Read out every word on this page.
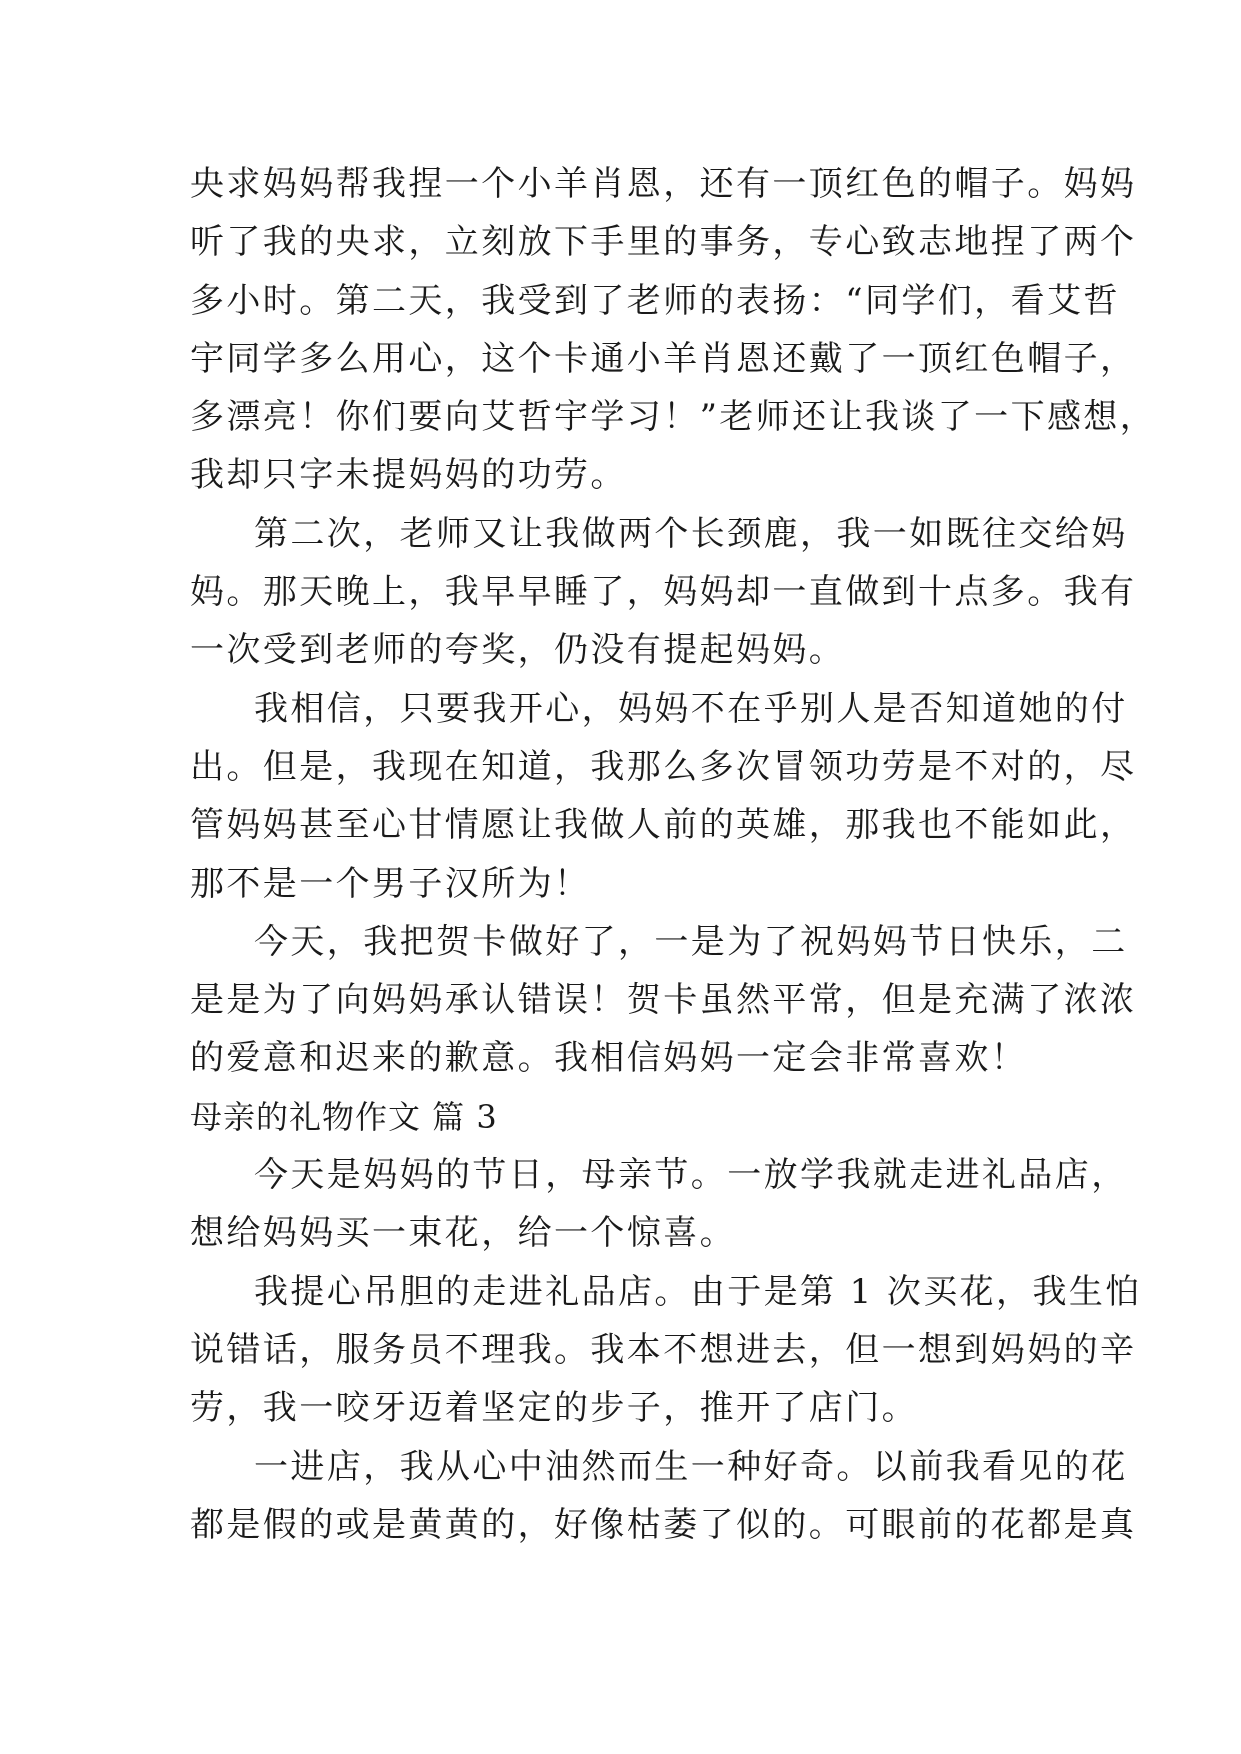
央求妈妈帮我捏一个小羊肖恩，还有一顶红色的帽子。妈妈
听了我的央求，立刻放下手里的事务，专心致志地捏了两个
多小时。第二天，我受到了老师的表扬：“同学们，看艾哲
宇同学多么用心，这个卡通小羊肖恩还戴了一顶红色帽子，
多漂亮！你们要向艾哲宇学习！”老师还让我谈了一下感想，
我却只字未提妈妈的功劳。
第二次，老师又让我做两个长颈鹿，我一如既往交给妈
妈。那天晚上，我早早睡了，妈妈却一直做到十点多。我有
一次受到老师的夸奖，仍没有提起妈妈。
我相信，只要我开心，妈妈不在乎别人是否知道她的付
出。但是，我现在知道，我那么多次冒领功劳是不对的，尽
管妈妈甚至心甘情愿让我做人前的英雄，那我也不能如此，
那不是一个男子汉所为！
今天，我把贺卡做好了，一是为了祝妈妈节日快乐，二
是是为了向妈妈承认错误！贺卡虽然平常，但是充满了浓浓
的爱意和迟来的歉意。我相信妈妈一定会非常喜欢！
母亲的礼物作文 篇 3
今天是妈妈的节日，母亲节。一放学我就走进礼品店，
想给妈妈买一束花，给一个惊喜。
我提心吊胆的走进礼品店。由于是第 1 次买花，我生怕
说错话，服务员不理我。我本不想进去，但一想到妈妈的辛
劳，我一咬牙迈着坚定的步子，推开了店门。
一进店，我从心中油然而生一种好奇。以前我看见的花
都是假的或是黄黄的，好像枯萎了似的。可眼前的花都是真
